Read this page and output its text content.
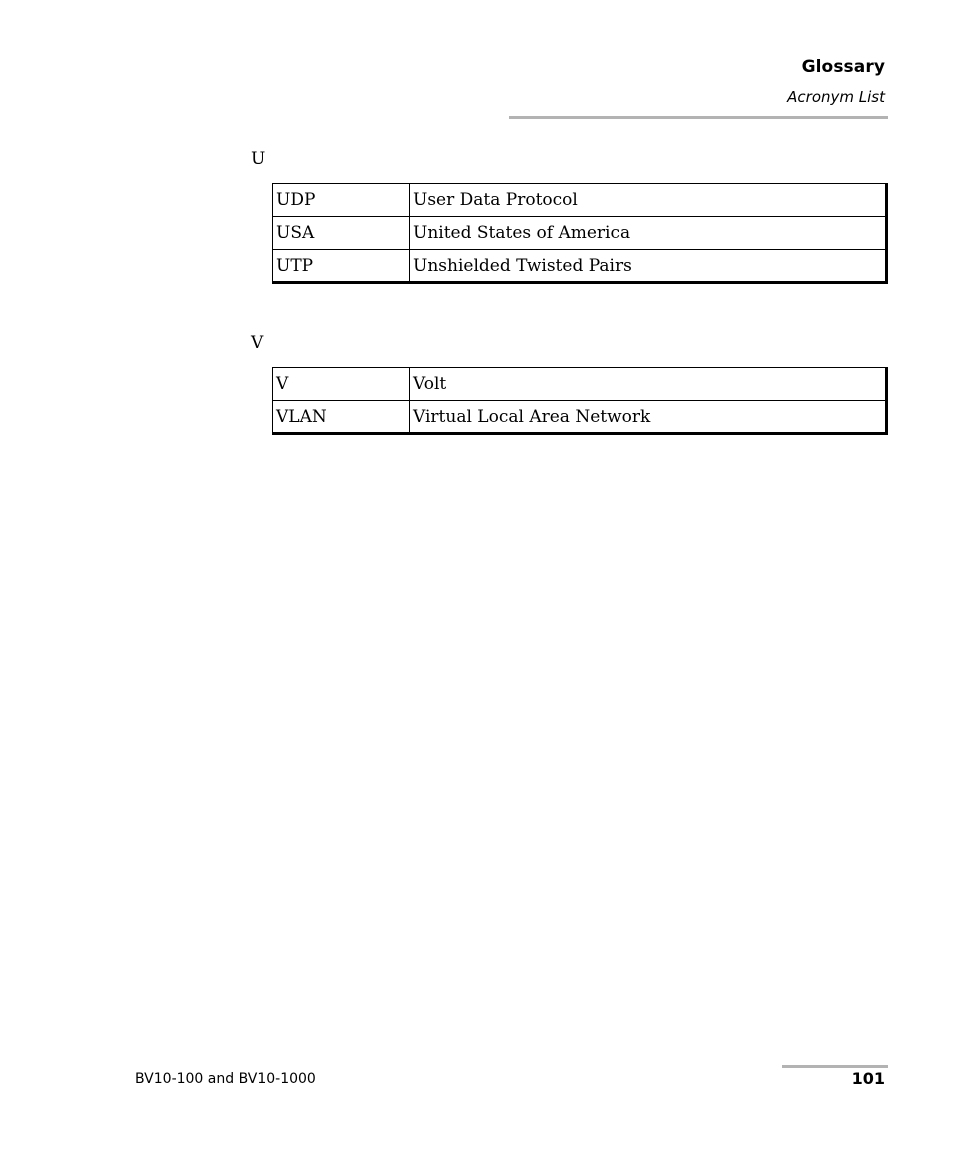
Glossary
Acronym List
U
UDP	User Data Protocol
USA	United States of America
UTP	Unshielded Twisted Pairs
V
V	Volt
VLAN	Virtual Local Area Network
BV10-100 and BV10-1000	101
